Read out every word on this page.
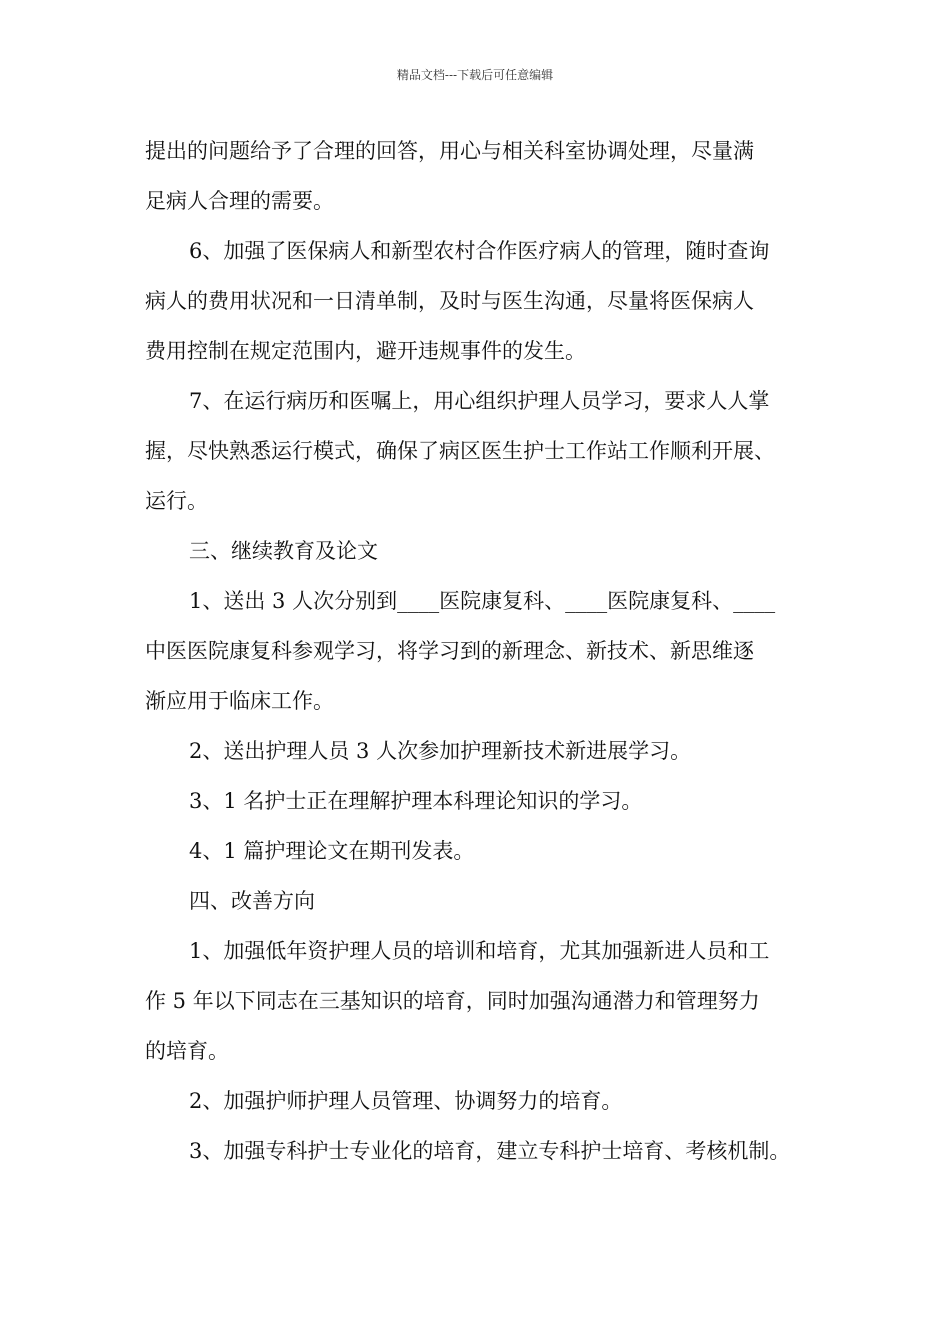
精品文档---下载后可任意编辑
提出的问题给予了合理的回答，用心与相关科室协调处理，尽量满
足病人合理的需要。
6、加强了医保病人和新型农村合作医疗病人的管理，随时查询
病人的费用状况和一日清单制，及时与医生沟通，尽量将医保病人
费用控制在规定范围内，避开违规事件的发生。
7、在运行病历和医嘱上，用心组织护理人员学习，要求人人掌
握，尽快熟悉运行模式，确保了病区医生护士工作站工作顺利开展、
运行。
三、继续教育及论文
1、送出 3 人次分别到____医院康复科、____医院康复科、____
中医医院康复科参观学习，将学习到的新理念、新技术、新思维逐
渐应用于临床工作。
2、送出护理人员 3 人次参加护理新技术新进展学习。
3、1 名护士正在理解护理本科理论知识的学习。
4、1 篇护理论文在期刊发表。
四、改善方向
1、加强低年资护理人员的培训和培育，尤其加强新进人员和工
作 5 年以下同志在三基知识的培育，同时加强沟通潜力和管理努力
的培育。
2、加强护师护理人员管理、协调努力的培育。
3、加强专科护士专业化的培育，建立专科护士培育、考核机制。
